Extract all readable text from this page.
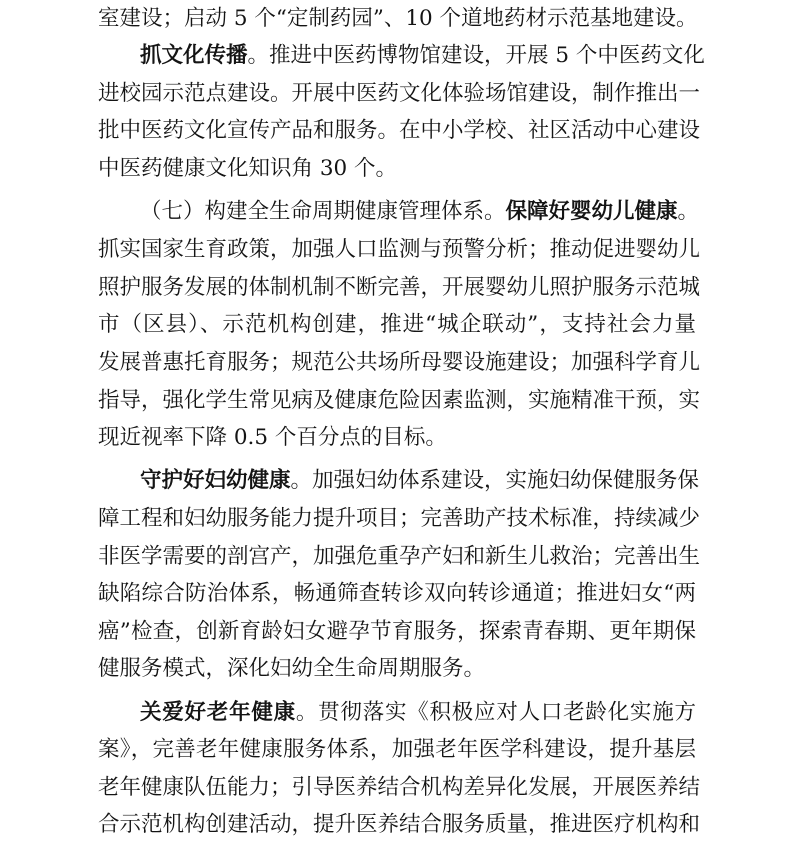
室建设；启动 5 个“定制药园”、10 个道地药材示范基地建设。
抓文化传播。推进中医药博物馆建设，开展 5 个中医药文化
进校园示范点建设。开展中医药文化体验场馆建设，制作推出一
批中医药文化宣传产品和服务。在中小学校、社区活动中心建设
中医药健康文化知识角 30 个。
（七）构建全生命周期健康管理体系。保障好婴幼儿健康。
抓实国家生育政策，加强人口监测与预警分析；推动促进婴幼儿
照护服务发展的体制机制不断完善，开展婴幼儿照护服务示范城
市（区县）、示范机构创建，推进“城企联动”，支持社会力量
发展普惠托育服务；规范公共场所母婴设施建设；加强科学育儿
指导，强化学生常见病及健康危险因素监测，实施精准干预，实
现近视率下降 0.5 个百分点的目标。
守护好妇幼健康。加强妇幼体系建设，实施妇幼保健服务保
障工程和妇幼服务能力提升项目；完善助产技术标准，持续减少
非医学需要的剖宫产，加强危重孕产妇和新生儿救治；完善出生
缺陷综合防治体系，畅通筛查转诊双向转诊通道；推进妇女“两
癌”检查，创新育龄妇女避孕节育服务，探索青春期、更年期保
健服务模式，深化妇幼全生命周期服务。
关爱好老年健康。贯彻落实《积极应对人口老龄化实施方
案》，完善老年健康服务体系，加强老年医学科建设，提升基层
老年健康队伍能力；引导医养结合机构差异化发展，开展医养结
合示范机构创建活动，提升医养结合服务质量，推进医疗机构和
